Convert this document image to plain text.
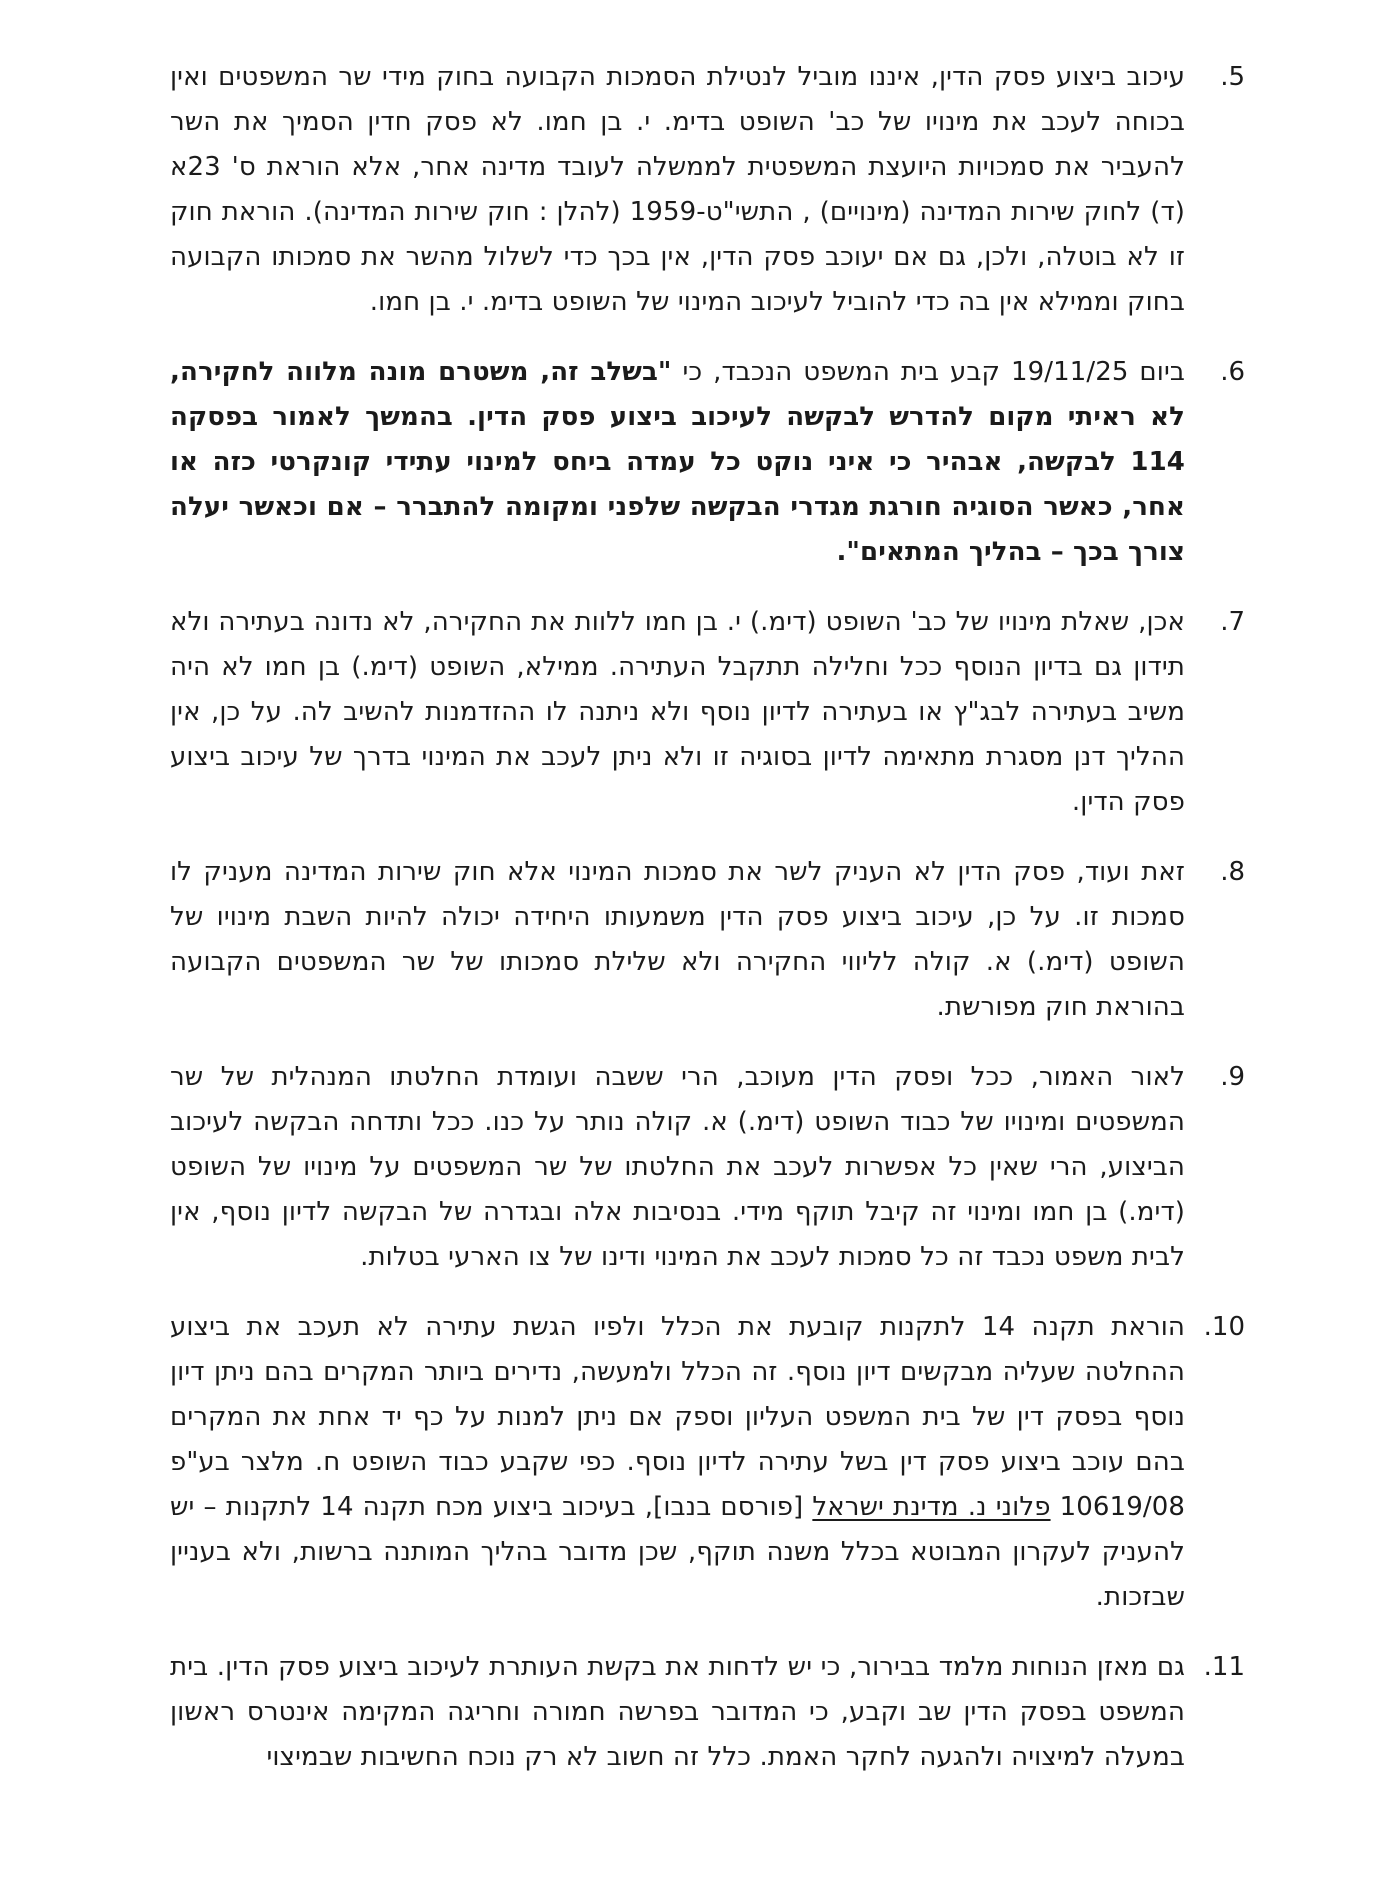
5.
עיכוב ביצוע פסק הדין, איננו מוביל לנטילת הסמכות הקבועה בחוק מידי שר המשפטים ואין בכוחה לעכב את מינויו של כב' השופט בדימ. י. בן חמו. לא פסק חדין הסמיך את השר להעביר את סמכויות היועצת המשפטית לממשלה לעובד מדינה אחר, אלא הוראת ס' 23א (ד) לחוק שירות המדינה (מינויים) , התשי"ט-1959 (להלן : חוק שירות המדינה). הוראת חוק זו לא בוטלה, ולכן, גם אם יעוכב פסק הדין, אין בכך כדי לשלול מהשר את סמכותו הקבועה בחוק וממילא אין בה כדי להוביל לעיכוב המינוי של השופט בדימ. י. בן חמו.
6.
ביום 19/11/25 קבע בית המשפט הנכבד, כי "בשלב זה, משטרם מונה מלווה לחקירה, לא ראיתי מקום להדרש לבקשה לעיכוב ביצוע פסק הדין. בהמשך לאמור בפסקה 114 לבקשה, אבהיר כי איני נוקט כל עמדה ביחס למינוי עתידי קונקרטי כזה או אחר, כאשר הסוגיה חורגת מגדרי הבקשה שלפני ומקומה להתברר – אם וכאשר יעלה צורך בכך – בהליך המתאים".
7.
אכן, שאלת מינויו של כב' השופט (דימ.) י. בן חמו ללוות את החקירה, לא נדונה בעתירה ולא תידון גם בדיון הנוסף ככל וחלילה תתקבל העתירה. ממילא, השופט (דימ.) בן חמו לא היה משיב בעתירה לבג"ץ או בעתירה לדיון נוסף ולא ניתנה לו ההזדמנות להשיב לה. על כן, אין ההליך דנן מסגרת מתאימה לדיון בסוגיה זו ולא ניתן לעכב את המינוי בדרך של עיכוב ביצוע פסק הדין.
8.
זאת ועוד, פסק הדין לא העניק לשר את סמכות המינוי אלא חוק שירות המדינה מעניק לו סמכות זו. על כן, עיכוב ביצוע פסק הדין משמעותו היחידה יכולה להיות השבת מינויו של השופט (דימ.) א. קולה לליווי החקירה ולא שלילת סמכותו של שר המשפטים הקבועה בהוראת חוק מפורשת.
9.
לאור האמור, ככל ופסק הדין מעוכב, הרי ששבה ועומדת החלטתו המנהלית של שר המשפטים ומינויו של כבוד השופט (דימ.) א. קולה נותר על כנו. ככל ותדחה הבקשה לעיכוב הביצוע, הרי שאין כל אפשרות לעכב את החלטתו של שר המשפטים על מינויו של השופט (דימ.) בן חמו ומינוי זה קיבל תוקף מידי. בנסיבות אלה ובגדרה של הבקשה לדיון נוסף, אין לבית משפט נכבד זה כל סמכות לעכב את המינוי ודינו של צו הארעי בטלות.
10.
הוראת תקנה 14 לתקנות קובעת את הכלל ולפיו הגשת עתירה לא תעכב את ביצוע ההחלטה שעליה מבקשים דיון נוסף. זה הכלל ולמעשה, נדירים ביותר המקרים בהם ניתן דיון נוסף בפסק דין של בית המשפט העליון וספק אם ניתן למנות על כף יד אחת את המקרים בהם עוכב ביצוע פסק דין בשל עתירה לדיון נוסף. כפי שקבע כבוד השופט ח. מלצר בע"פ 10619/08 פלוני נ. מדינת ישראל [פורסם בנבו], בעיכוב ביצוע מכח תקנה 14 לתקנות – יש להעניק לעקרון המבוטא בכלל משנה תוקף, שכן מדובר בהליך המותנה ברשות, ולא בעניין שבזכות.
11.
גם מאזן הנוחות מלמד בבירור, כי יש לדחות את בקשת העותרת לעיכוב ביצוע פסק הדין. בית המשפט בפסק הדין שב וקבע, כי המדובר בפרשה חמורה וחריגה המקימה אינטרס ראשון במעלה למיצויה ולהגעה לחקר האמת. כלל זה חשוב לא רק נוכח החשיבות שבמיצוי
